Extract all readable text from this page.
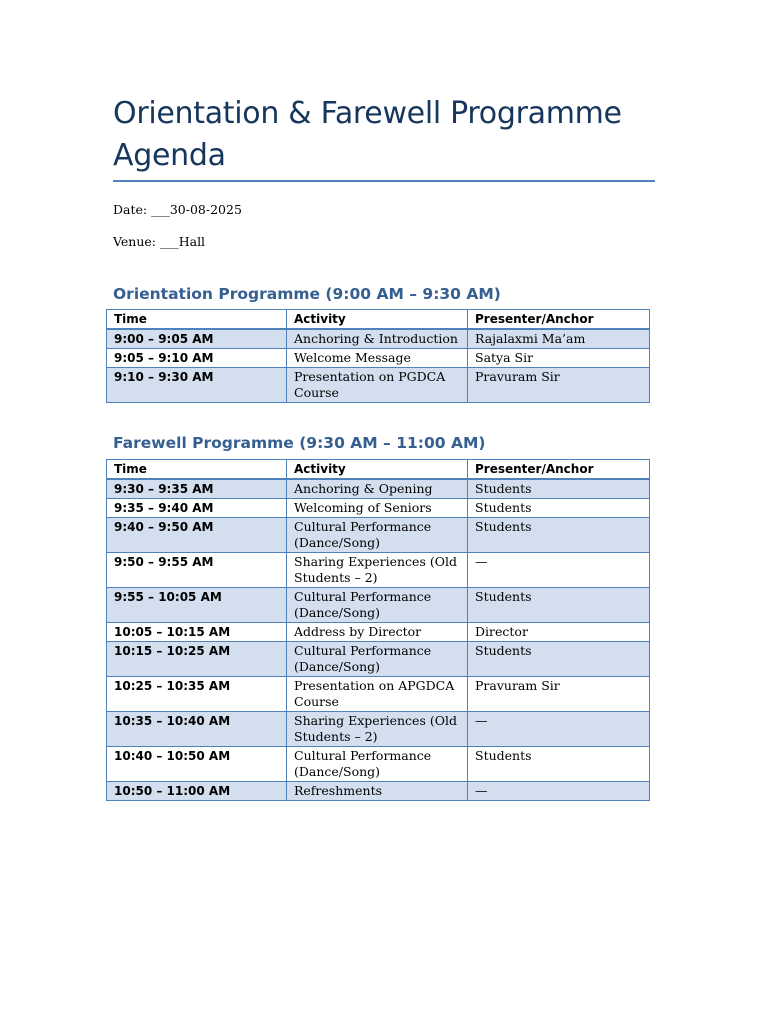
Orientation & Farewell Programme Agenda
Date: ___30-08-2025
Venue: ___Hall
Orientation Programme (9:00 AM – 9:30 AM)
Time	Activity	Presenter/Anchor
9:00 – 9:05 AM	Anchoring & Introduction	Rajalaxmi Ma’am
9:05 – 9:10 AM	Welcome Message	Satya Sir
9:10 – 9:30 AM	Presentation on PGDCA Course	Pravuram Sir
Farewell Programme (9:30 AM – 11:00 AM)
Time	Activity	Presenter/Anchor
9:30 – 9:35 AM	Anchoring & Opening	Students
9:35 – 9:40 AM	Welcoming of Seniors	Students
9:40 – 9:50 AM	Cultural Performance (Dance/Song)	Students
9:50 – 9:55 AM	Sharing Experiences (Old Students – 2)	—
9:55 – 10:05 AM	Cultural Performance (Dance/Song)	Students
10:05 – 10:15 AM	Address by Director	Director
10:15 – 10:25 AM	Cultural Performance (Dance/Song)	Students
10:25 – 10:35 AM	Presentation on APGDCA Course	Pravuram Sir
10:35 – 10:40 AM	Sharing Experiences (Old Students – 2)	—
10:40 – 10:50 AM	Cultural Performance (Dance/Song)	Students
10:50 – 11:00 AM	Refreshments	—
